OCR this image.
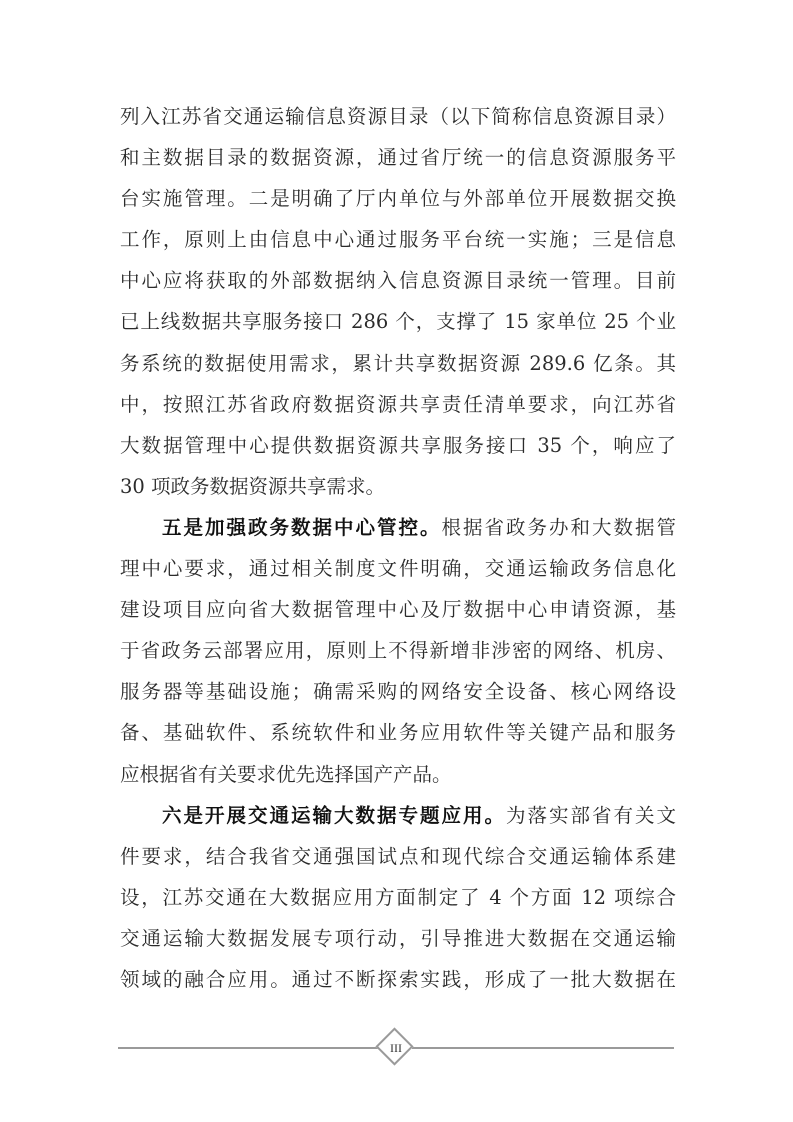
列入江苏省交通运输信息资源目录（以下简称信息资源目录）
和主数据目录的数据资源，通过省厅统一的信息资源服务平
台实施管理。二是明确了厅内单位与外部单位开展数据交换
工作，原则上由信息中心通过服务平台统一实施；三是信息
中心应将获取的外部数据纳入信息资源目录统一管理。目前
已上线数据共享服务接口 286 个，支撑了 15 家单位 25 个业
务系统的数据使用需求，累计共享数据资源 289.6 亿条。其
中，按照江苏省政府数据资源共享责任清单要求，向江苏省
大数据管理中心提供数据资源共享服务接口 35 个，响应了
30 项政务数据资源共享需求。
五是加强政务数据中心管控。根据省政务办和大数据管
理中心要求，通过相关制度文件明确，交通运输政务信息化
建设项目应向省大数据管理中心及厅数据中心申请资源，基
于省政务云部署应用，原则上不得新增非涉密的网络、机房、
服务器等基础设施；确需采购的网络安全设备、核心网络设
备、基础软件、系统软件和业务应用软件等关键产品和服务
应根据省有关要求优先选择国产产品。
六是开展交通运输大数据专题应用。为落实部省有关文
件要求，结合我省交通强国试点和现代综合交通运输体系建
设，江苏交通在大数据应用方面制定了 4 个方面 12 项综合
交通运输大数据发展专项行动，引导推进大数据在交通运输
领域的融合应用。通过不断探索实践，形成了一批大数据在
III
